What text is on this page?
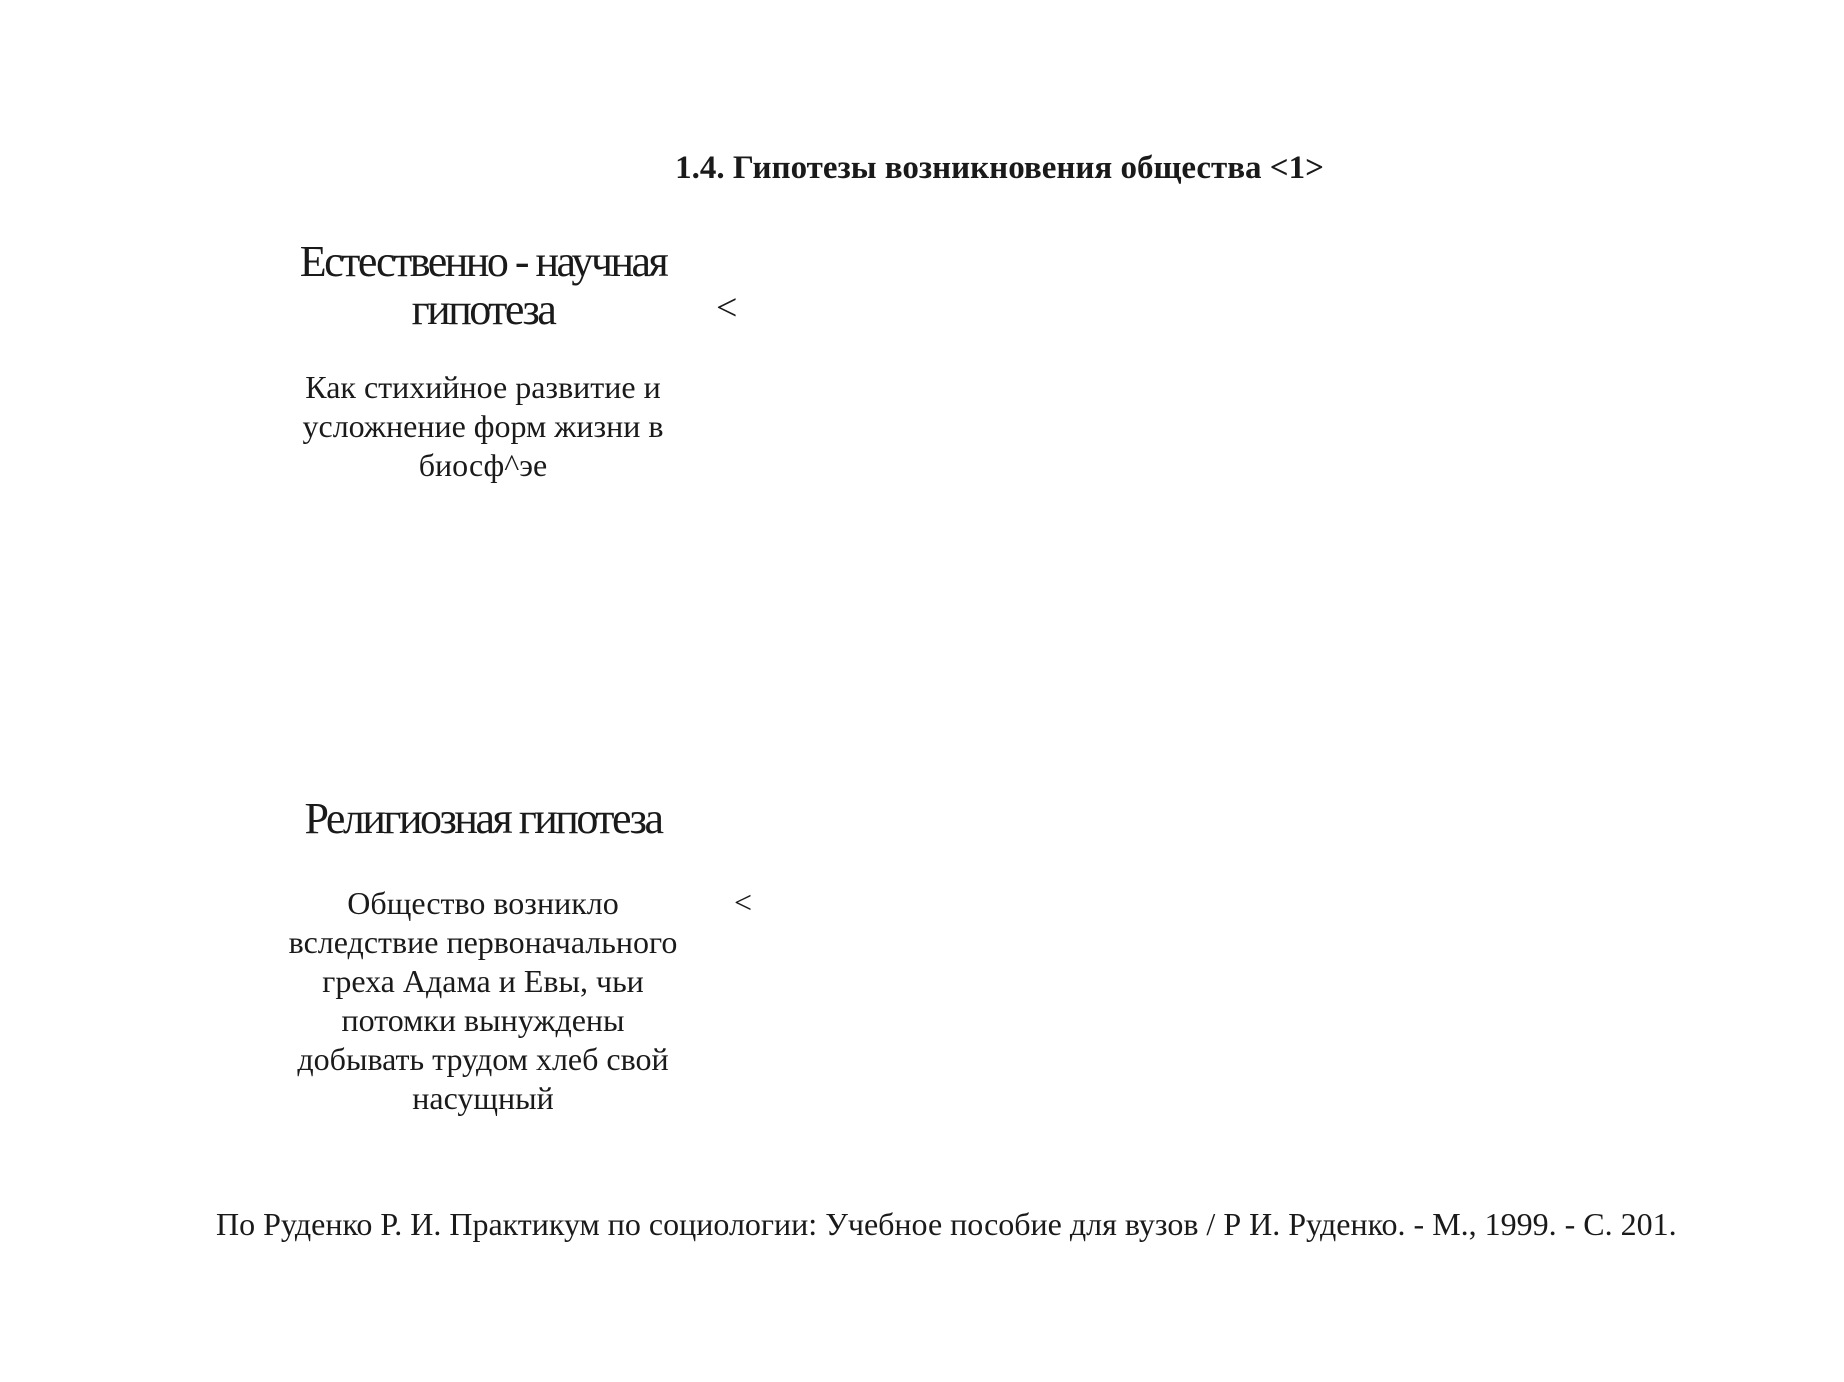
1.4. Гипотезы возникновения общества <1>
Естественно - научная
гипотеза	<
Как стихийное развитие и
усложнение форм жизни в
биосф^эе
Религиозная гипотеза
<
Общество возникло
вследствие первоначального
греха Адама и Евы, чьи
потомки вынуждены
добывать трудом хлеб свой
насущный
По Руденко Р. И. Практикум по социологии: Учебное пособие для вузов / Р И. Руденко. - М., 1999. - С. 201.
